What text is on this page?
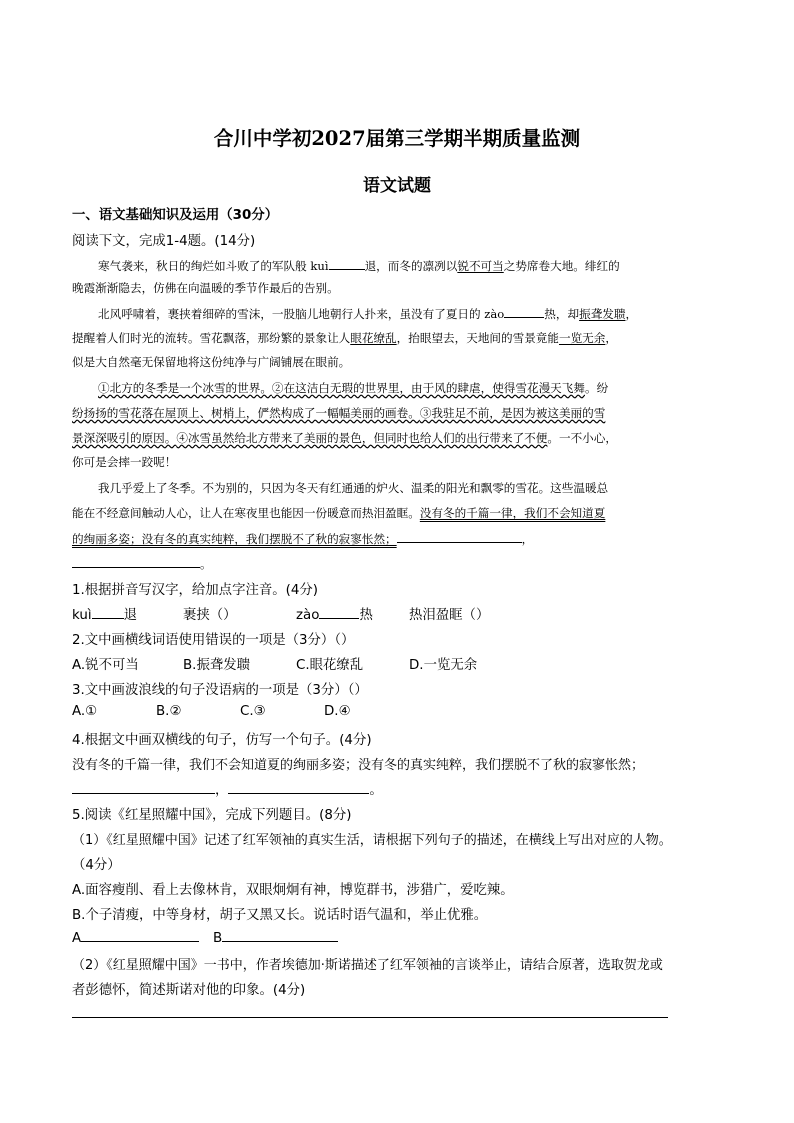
合川中学初2027届第三学期半期质量监测
语文试题
一、语文基础知识及运用（30分）
阅读下文，完成1-4题。(14分)
寒气袭来，秋日的绚烂如斗败了的军队般 kuì	退，而冬的凛冽以锐不可当之势席卷大地。绯红的
晚霞渐渐隐去，仿佛在向温暖的季节作最后的告别。
北风呼啸着，裹挟着细碎的雪沫，一股脑儿地朝行人扑来，虽没有了夏日的 zào	热，却振聋发聩，
提醒着人们时光的流转。雪花飘落，那纷繁的景象让人眼花缭乱，抬眼望去，天地间的雪景竟能一览无余，
似是大自然毫无保留地将这份纯净与广阔铺展在眼前。
①北方的冬季是一个冰雪的世界。②在这洁白无瑕的世界里，由于风的肆虐，使得雪花漫天飞舞。纷
纷扬扬的雪花落在屋顶上、树梢上，俨然构成了一幅幅美丽的画卷。③我驻足不前，是因为被这美丽的雪
景深深吸引的原因。④冰雪虽然给北方带来了美丽的景色，但同时也给人们的出行带来了不便。一不小心，
你可是会摔一跤呢！
我几乎爱上了冬季。不为别的，只因为冬天有红通通的炉火、温柔的阳光和飘零的雪花。这些温暖总
能在不经意间触动人心，让人在寒夜里也能因一份暖意而热泪盈眶。没有冬的千篇一律，我们不会知道夏
的绚丽多姿；没有冬的真实纯粹，我们摆脱不了秋的寂寥怅然；	，
。
1.根据拼音写汉字，给加点字注音。(4分)
kuì 退	裹挟（）	zào	热	热泪盈眶（）
2.文中画横线词语使用错误的一项是（3分）（）
A.锐不可当	B.振聋发聩	C.眼花缭乱	D.一览无余
3.文中画波浪线的句子没语病的一项是（3分）（）
A.①	B.②	C.③	D.④
4.根据文中画双横线的句子，仿写一个句子。(4分)
没有冬的千篇一律，我们不会知道夏的绚丽多姿；没有冬的真实纯粹，我们摆脱不了秋的寂寥怅然；
，	。
5.阅读《红星照耀中国》，完成下列题目。(8分)
（1）《红星照耀中国》记述了红军领袖的真实生活，请根据下列句子的描述，在横线上写出对应的人物。
（4分）
A.面容瘦削、看上去像林肯，双眼炯炯有神，博览群书，涉猎广，爱吃辣。
B.个子清瘦，中等身材，胡子又黑又长。说话时语气温和，举止优雅。
A	B
（2）《红星照耀中国》一书中，作者埃德加·斯诺描述了红军领袖的言谈举止，请结合原著，选取贺龙或
者彭德怀，简述斯诺对他的印象。(4分)
